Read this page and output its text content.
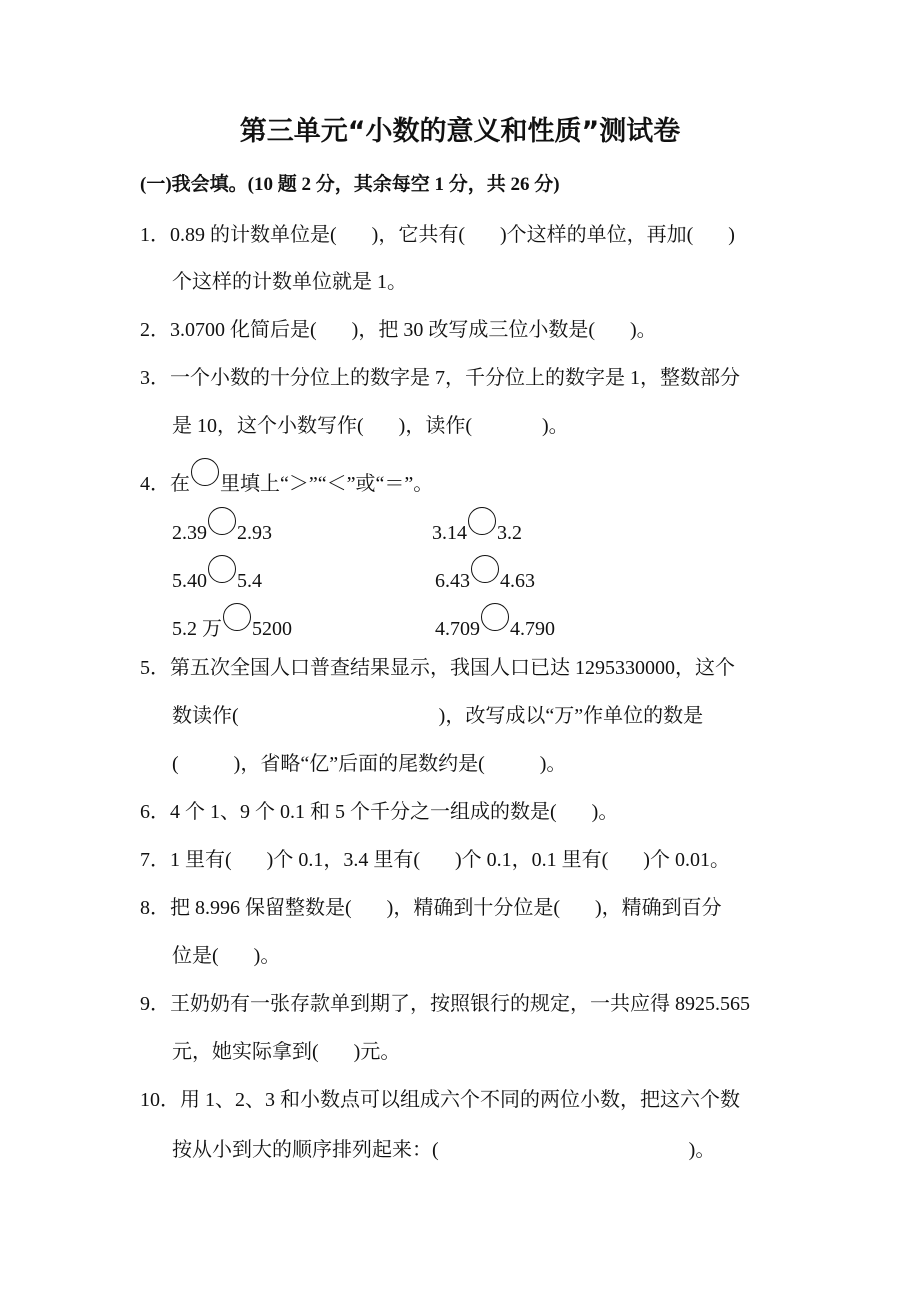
第三单元“小数的意义和性质”测试卷
(一)我会填。(10 题 2 分，其余每空 1 分，共 26 分)
1．0.89 的计数单位是(       )，它共有(       )个这样的单位，再加(       )
个这样的计数单位就是 1。
2．3.0700 化简后是(       )，把 30 改写成三位小数是(       )。
3．一个小数的十分位上的数字是 7，千分位上的数字是 1，整数部分
是 10，这个小数写作(       )，读作(              )。
4．在 里填上“＞”“＜”或“＝”。
2.39 2.93	3.14 3.2
5.40 5.4	6.43 4.63
5.2 万 5200	4.709 4.790
5．第五次全国人口普查结果显示，我国人口已达 1295330000，这个
数读作(                                        )，改写成以“万”作单位的数是
(           )，省略“亿”后面的尾数约是(           )。
6．4 个 1、9 个 0.1 和 5 个千分之一组成的数是(       )。
7．1 里有(       )个 0.1，3.4 里有(       )个 0.1，0.1 里有(       )个 0.01。
8．把 8.996 保留整数是(       )，精确到十分位是(       )，精确到百分
位是(       )。
9．王奶奶有一张存款单到期了，按照银行的规定，一共应得 8925.565
元，她实际拿到(       )元。
10．用 1、2、3 和小数点可以组成六个不同的两位小数，把这六个数
按从小到大的顺序排列起来：(                                                  )。
